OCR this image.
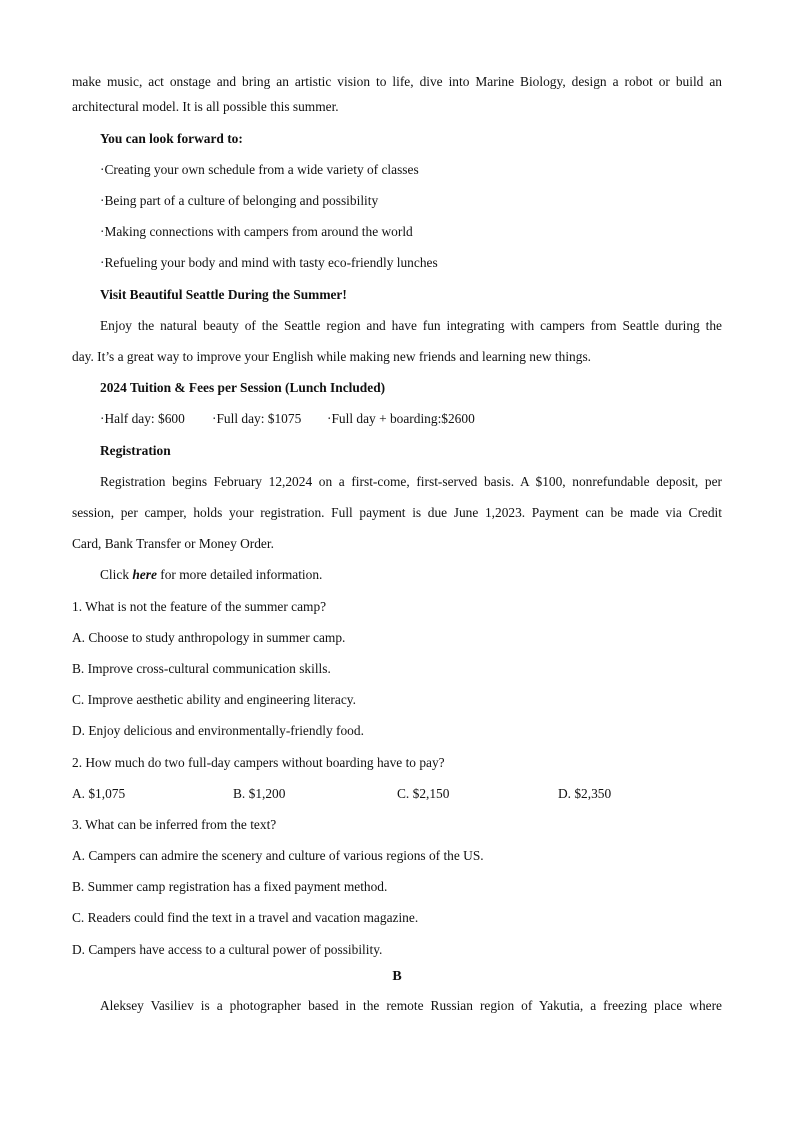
make music, act onstage and bring an artistic vision to life, dive into Marine Biology, design a robot or build an

architectural model. It is all possible this summer.

You can look forward to:

·Creating your own schedule from a wide variety of classes

·Being part of a culture of belonging and possibility

·Making connections with campers from around the world

·Refueling your body and mind with tasty eco-friendly lunches

Visit Beautiful Seattle During the Summer!

Enjoy the natural beauty of the Seattle region and have fun integrating with campers from Seattle during the

day. It’s a great way to improve your English while making new friends and learning new things.

2024 Tuition & Fees per Session (Lunch Included)

·Half day: $600 ·Full day: $1075 ·Full day + boarding:$2600

Registration

Registration begins February 12,2024 on a first-come, first-served basis. A $100, nonrefundable deposit, per

session, per camper, holds your registration. Full payment is due June 1,2023. Payment can be made via Credit

Card, Bank Transfer or Money Order.

Click here for more detailed information.

1. What is not the feature of the summer camp?

A. Choose to study anthropology in summer camp.

B. Improve cross-cultural communication skills.

C. Improve aesthetic ability and engineering literacy.

D. Enjoy delicious and environmentally-friendly food.

2. How much do two full-day campers without boarding have to pay?

A. $1,075	B. $1,200	C. $2,150	D. $2,350

3. What can be inferred from the text?

A. Campers can admire the scenery and culture of various regions of the US.

B. Summer camp registration has a fixed payment method.

C. Readers could find the text in a travel and vacation magazine.

D. Campers have access to a cultural power of possibility.

B

Aleksey Vasiliev is a photographer based in the remote Russian region of Yakutia, a freezing place where
